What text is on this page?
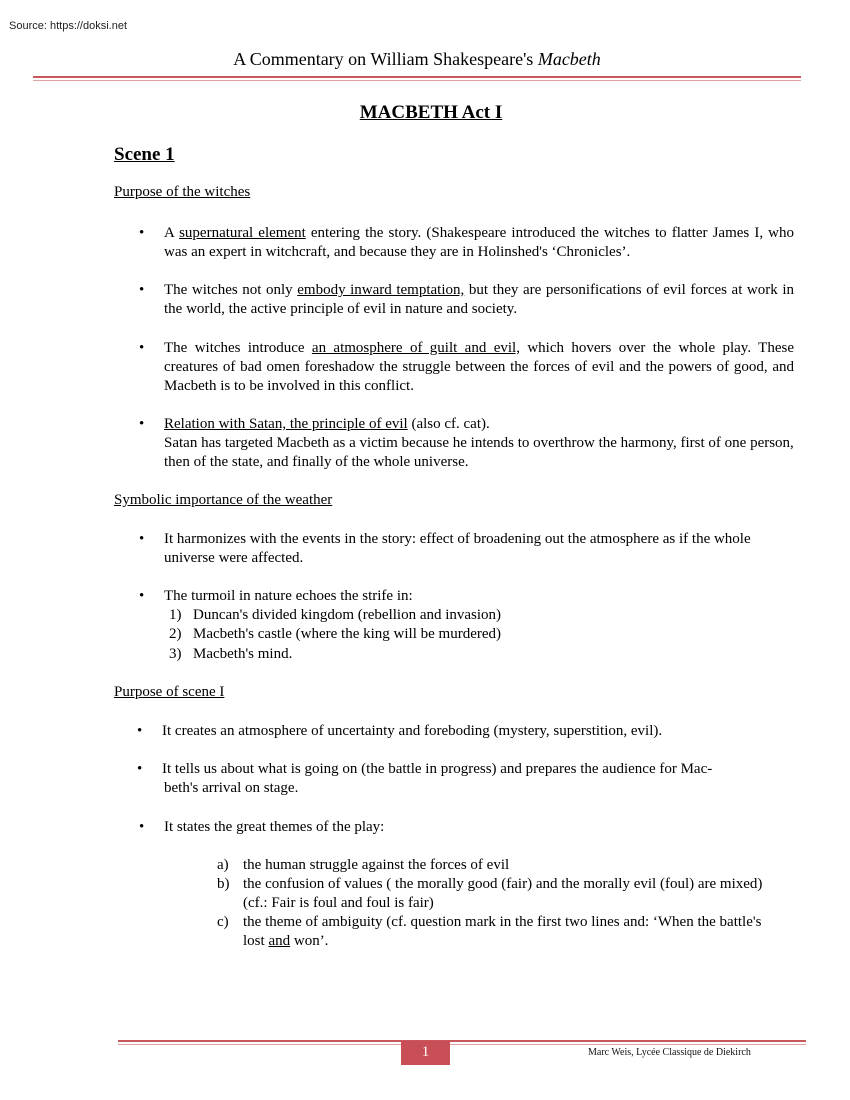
Source: https://doksi.net
A Commentary on William Shakespeare's Macbeth
MACBETH Act I
Scene 1
Purpose of the witches
•	A supernatural element entering the story. (Shakespeare introduced the witches to flatter James I, who was an expert in witchcraft, and because they are in Holinshed's ‘Chronicles’.
•	The witches not only embody inward temptation, but they are personifications of evil forces at work in the world, the active principle of evil in nature and society.
•	The witches introduce an atmosphere of guilt and evil, which hovers over the whole play. These creatures of bad omen foreshadow the struggle between the forces of evil and the powers of good, and Macbeth is to be involved in this conflict.
•	Relation with Satan, the principle of evil (also cf. cat).
Satan has targeted Macbeth as a victim because he intends to overthrow the harmony, first of one person, then of the state, and finally of the whole universe.
Symbolic importance of the weather
•	It harmonizes with the events in the story: effect of broadening out the atmosphere as if the whole universe were affected.
•	The turmoil in nature echoes the strife in:
1) Duncan's divided kingdom (rebellion and invasion)
2) Macbeth's castle (where the king will be murdered)
3) Macbeth's mind.
Purpose of scene I
•	It creates an atmosphere of uncertainty and foreboding (mystery, superstition, evil).
•	It tells us about what is going on (the battle in progress) and prepares the audience for Mac-
beth's arrival on stage.
•	It states the great themes of the play:
a) the human struggle against the forces of evil
b) the confusion of values ( the morally good (fair) and the morally evil (foul) are mixed) (cf.: Fair is foul and foul is fair)
c) the theme of ambiguity (cf. question mark in the first two lines and: ‘When the battle's lost and won’.
1	Marc Weis, Lycée Classique de Diekirch
